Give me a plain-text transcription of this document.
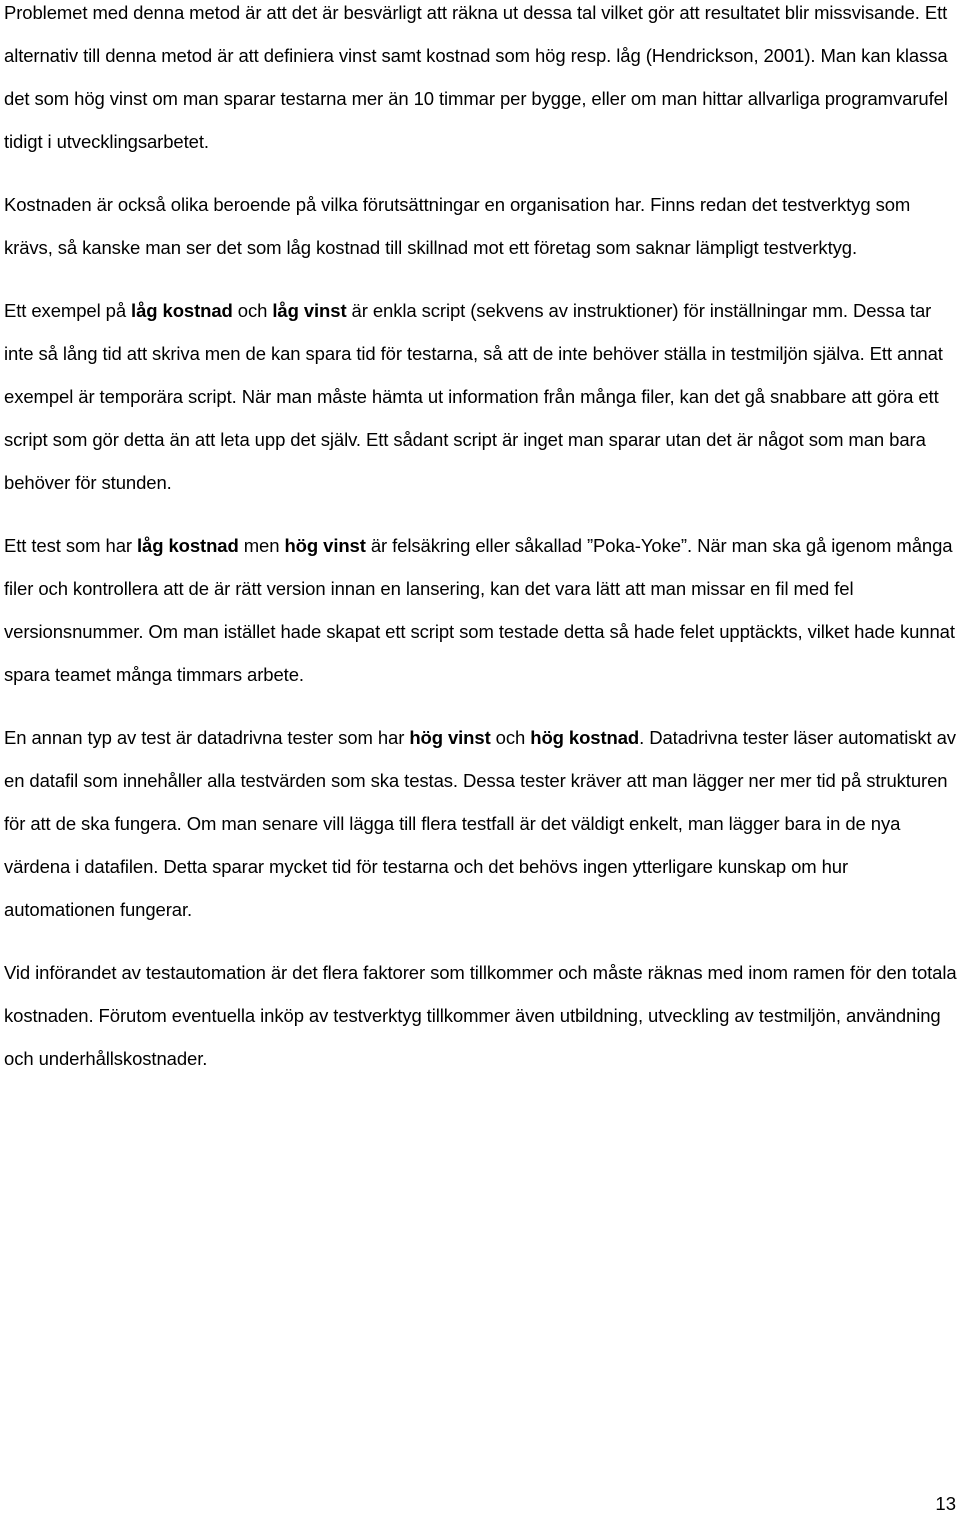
Problemet med denna metod är att det är besvärligt att räkna ut dessa tal vilket gör att resultatet blir missvisande. Ett alternativ till denna metod är att definiera vinst samt kostnad som hög resp. låg (Hendrickson, 2001). Man kan klassa det som hög vinst om man sparar testarna mer än 10 timmar per bygge, eller om man hittar allvarliga programvarufel tidigt i utvecklingsarbetet.

Kostnaden är också olika beroende på vilka förutsättningar en organisation har. Finns redan det testverktyg som krävs, så kanske man ser det som låg kostnad till skillnad mot ett företag som saknar lämpligt testverktyg.

Ett exempel på låg kostnad och låg vinst är enkla script (sekvens av instruktioner) för inställningar mm. Dessa tar inte så lång tid att skriva men de kan spara tid för testarna, så att de inte behöver ställa in testmiljön själva. Ett annat exempel är temporära script. När man måste hämta ut information från många filer, kan det gå snabbare att göra ett script som gör detta än att leta upp det själv. Ett sådant script är inget man sparar utan det är något som man bara behöver för stunden.

Ett test som har låg kostnad men hög vinst är felsäkring eller såkallad ”Poka-Yoke”. När man ska gå igenom många filer och kontrollera att de är rätt version innan en lansering, kan det vara lätt att man missar en fil med fel versionsnummer. Om man istället hade skapat ett script som testade detta så hade felet upptäckts, vilket hade kunnat spara teamet många timmars arbete.

En annan typ av test är datadrivna tester som har hög vinst och hög kostnad. Datadrivna tester läser automatiskt av en datafil som innehåller alla testvärden som ska testas. Dessa tester kräver att man lägger ner mer tid på strukturen för att de ska fungera. Om man senare vill lägga till flera testfall är det väldigt enkelt, man lägger bara in de nya värdena i datafilen. Detta sparar mycket tid för testarna och det behövs ingen ytterligare kunskap om hur automationen fungerar.

Vid införandet av testautomation är det flera faktorer som tillkommer och måste räknas med inom ramen för den totala kostnaden. Förutom eventuella inköp av testverktyg tillkommer även utbildning, utveckling av testmiljön, användning och underhållskostnader.

13
